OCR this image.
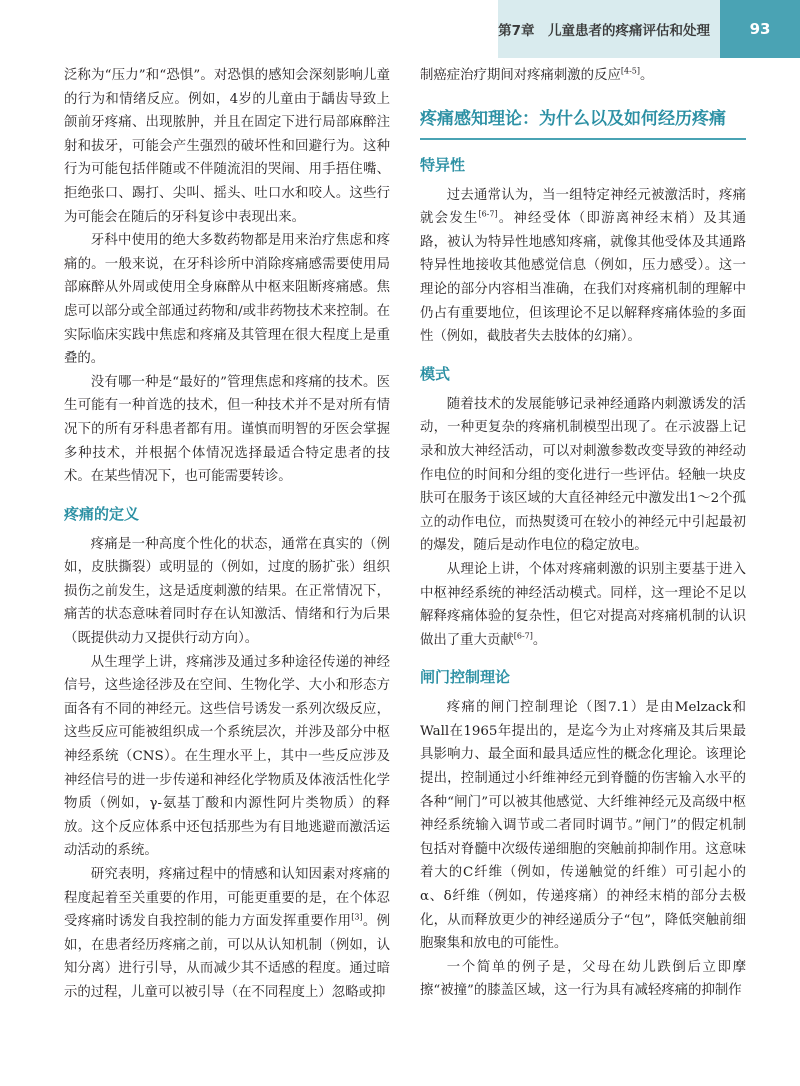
第7章　儿童患者的疼痛评估和处理	93

泛称为“压力”和“恐惧”。对恐惧的感知会深刻影响儿童的行为和情绪反应。例如，4岁的儿童由于龋齿导致上颌前牙疼痛、出现脓肿，并且在固定下进行局部麻醉注射和拔牙，可能会产生强烈的破坏性和回避行为。这种行为可能包括伴随或不伴随流泪的哭闹、用手捂住嘴、拒绝张口、踢打、尖叫、摇头、吐口水和咬人。这些行为可能会在随后的牙科复诊中表现出来。

牙科中使用的绝大多数药物都是用来治疗焦虑和疼痛的。一般来说，在牙科诊所中消除疼痛感需要使用局部麻醉从外周或使用全身麻醉从中枢来阻断疼痛感。焦虑可以部分或全部通过药物和/或非药物技术来控制。在实际临床实践中焦虑和疼痛及其管理在很大程度上是重叠的。

没有哪一种是“最好的”管理焦虑和疼痛的技术。医生可能有一种首选的技术，但一种技术并不是对所有情况下的所有牙科患者都有用。谨慎而明智的牙医会掌握多种技术，并根据个体情况选择最适合特定患者的技术。在某些情况下，也可能需要转诊。

疼痛的定义

疼痛是一种高度个性化的状态，通常在真实的（例如，皮肤撕裂）或明显的（例如，过度的肠扩张）组织损伤之前发生，这是适度刺激的结果。在正常情况下，痛苦的状态意味着同时存在认知激活、情绪和行为后果（既提供动力又提供行动方向）。

从生理学上讲，疼痛涉及通过多种途径传递的神经信号，这些途径涉及在空间、生物化学、大小和形态方面各有不同的神经元。这些信号诱发一系列次级反应，这些反应可能被组织成一个系统层次，并涉及部分中枢神经系统（CNS）。在生理水平上，其中一些反应涉及神经信号的进一步传递和神经化学物质及体液活性化学物质（例如，γ-氨基丁酸和内源性阿片类物质）的释放。这个反应体系中还包括那些为有目地逃避而激活运动活动的系统。

研究表明，疼痛过程中的情感和认知因素对疼痛的程度起着至关重要的作用，可能更重要的是，在个体忍受疼痛时诱发自我控制的能力方面发挥重要作用[3]。例如，在患者经历疼痛之前，可以从认知机制（例如，认知分离）进行引导，从而减少其不适感的程度。通过暗示的过程，儿童可以被引导（在不同程度上）忽略或抑

制癌症治疗期间对疼痛刺激的反应[4-5]。

疼痛感知理论：为什么以及如何经历疼痛
特异性

过去通常认为，当一组特定神经元被激活时，疼痛就会发生[6-7]。神经受体（即游离神经末梢）及其通路，被认为特异性地感知疼痛，就像其他受体及其通路特异性地接收其他感觉信息（例如，压力感受）。这一理论的部分内容相当准确，在我们对疼痛机制的理解中仍占有重要地位，但该理论不足以解释疼痛体验的多面性（例如，截肢者失去肢体的幻痛）。

模式

随着技术的发展能够记录神经通路内刺激诱发的活动，一种更复杂的疼痛机制模型出现了。在示波器上记录和放大神经活动，可以对刺激参数改变导致的神经动作电位的时间和分组的变化进行一些评估。轻触一块皮肤可在服务于该区域的大直径神经元中激发出1～2个孤立的动作电位，而热熨烫可在较小的神经元中引起最初的爆发，随后是动作电位的稳定放电。

从理论上讲，个体对疼痛刺激的识别主要基于进入中枢神经系统的神经活动模式。同样，这一理论不足以解释疼痛体验的复杂性，但它对提高对疼痛机制的认识做出了重大贡献[6-7]。

闸门控制理论

疼痛的闸门控制理论（图7.1）是由Melzack和Wall在1965年提出的，是迄今为止对疼痛及其后果最具影响力、最全面和最具适应性的概念化理论。该理论提出，控制通过小纤维神经元到脊髓的伤害输入水平的各种“闸门”可以被其他感觉、大纤维神经元及高级中枢神经系统输入调节或二者同时调节。”闸门”的假定机制包括对脊髓中次级传递细胞的突触前抑制作用。这意味着大的C纤维（例如，传递触觉的纤维）可引起小的α、δ纤维（例如，传递疼痛）的神经末梢的部分去极化，从而释放更少的神经递质分子“包”，降低突触前细胞聚集和放电的可能性。

一个简单的例子是，父母在幼儿跌倒后立即摩擦“被撞”的膝盖区域，这一行为具有减轻疼痛的抑制作
